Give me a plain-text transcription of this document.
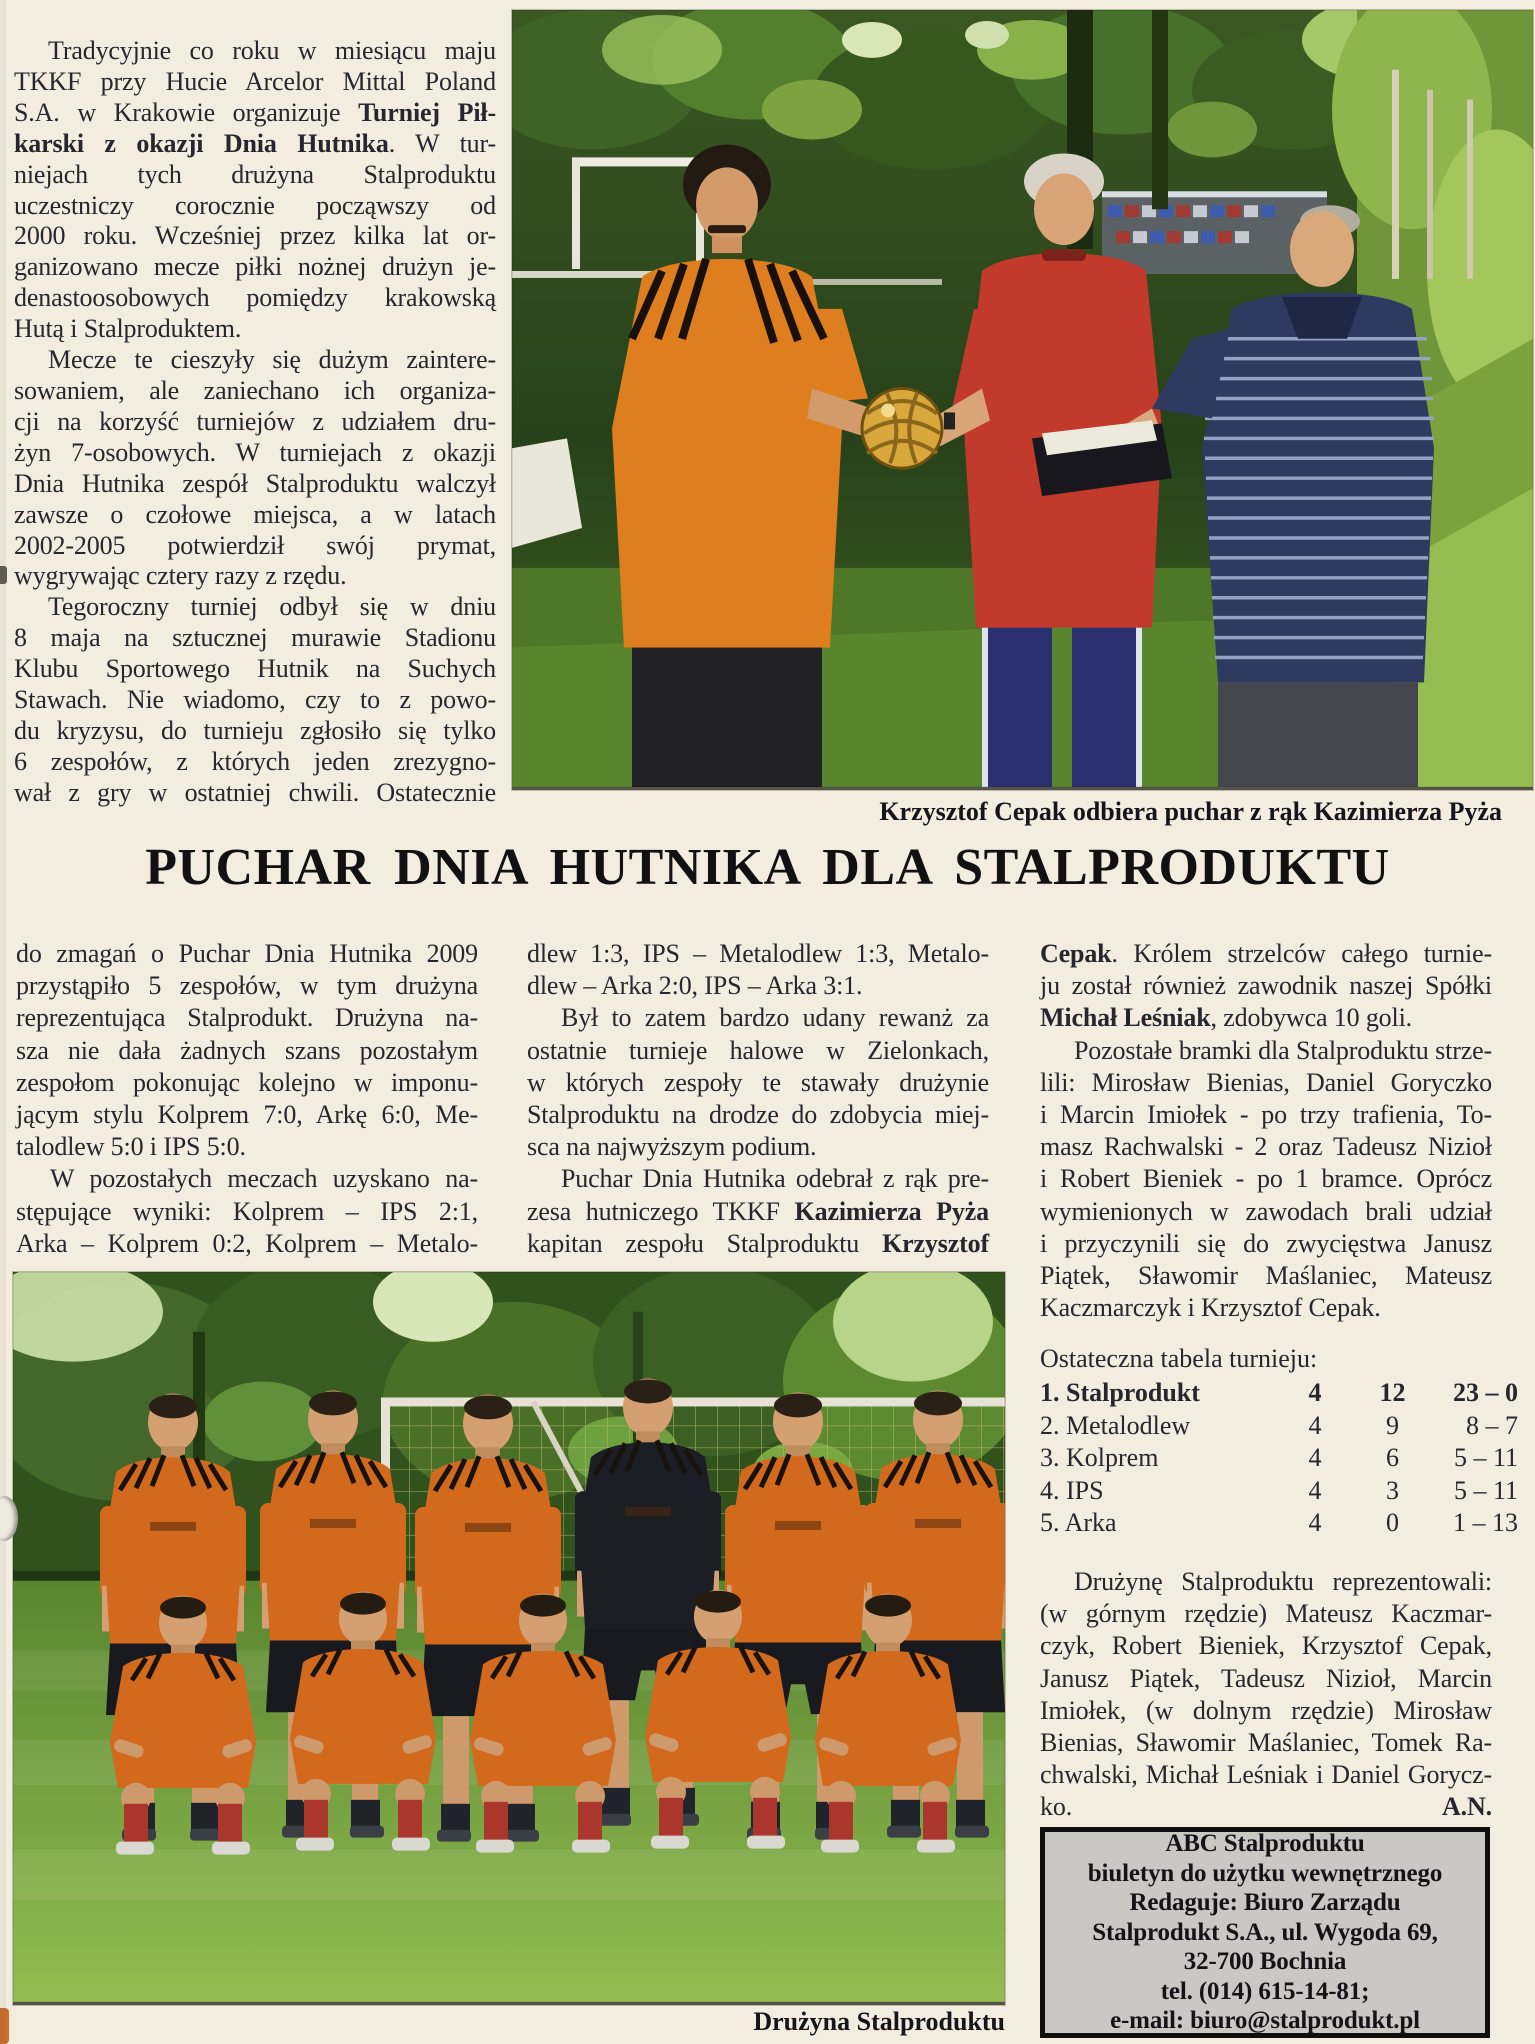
Tradycyjnie co roku w miesiącu maju
TKKF przy Hucie Arcelor Mittal Poland
S.A. w Krakowie organizuje Turniej Pił-
karski z okazji Dnia Hutnika. W tur-
niejach tych drużyna Stalproduktu
uczestniczy corocznie począwszy od
2000 roku. Wcześniej przez kilka lat or-
ganizowano mecze piłki nożnej drużyn je-
denastoosobowych pomiędzy krakowską
Hutą i Stalproduktem.
Mecze te cieszyły się dużym zaintere-
sowaniem, ale zaniechano ich organiza-
cji na korzyść turniejów z udziałem dru-
żyn 7-osobowych. W turniejach z okazji
Dnia Hutnika zespół Stalproduktu walczył
zawsze o czołowe miejsca, a w latach
2002-2005 potwierdził swój prymat,
wygrywając cztery razy z rzędu.
Tegoroczny turniej odbył się w dniu
8 maja na sztucznej murawie Stadionu
Klubu Sportowego Hutnik na Suchych
Stawach. Nie wiadomo, czy to z powo-
du kryzysu, do turnieju zgłosiło się tylko
6 zespołów, z których jeden zrezygno-
wał z gry w ostatniej chwili. Ostatecznie
Krzysztof Cepak odbiera puchar z rąk Kazimierza Pyża
PUCHAR DNIA HUTNIKA DLA STALPRODUKTU
do zmagań o Puchar Dnia Hutnika 2009
przystąpiło 5 zespołów, w tym drużyna
reprezentująca Stalprodukt. Drużyna na-
sza nie dała żadnych szans pozostałym
zespołom pokonując kolejno w imponu-
jącym stylu Kolprem 7:0, Arkę 6:0, Me-
talodlew 5:0 i IPS 5:0.
W pozostałych meczach uzyskano na-
stępujące wyniki: Kolprem – IPS 2:1,
Arka – Kolprem 0:2, Kolprem – Metalo-
dlew 1:3, IPS – Metalodlew 1:3, Metalo-
dlew – Arka 2:0, IPS – Arka 3:1.
Był to zatem bardzo udany rewanż za
ostatnie turnieje halowe w Zielonkach,
w których zespoły te stawały drużynie
Stalproduktu na drodze do zdobycia miej-
sca na najwyższym podium.
Puchar Dnia Hutnika odebrał z rąk pre-
zesa hutniczego TKKF Kazimierza Pyża
kapitan zespołu Stalproduktu Krzysztof
Cepak. Królem strzelców całego turnie-
ju został również zawodnik naszej Spółki
Michał Leśniak, zdobywca 10 goli.
Pozostałe bramki dla Stalproduktu strze-
lili: Mirosław Bienias, Daniel Goryczko
i Marcin Imiołek - po trzy trafienia, To-
masz Rachwalski - 2 oraz Tadeusz Nizioł
i Robert Bieniek - po 1 bramce. Oprócz
wymienionych w zawodach brali udział
i przyczynili się do zwycięstwa Janusz
Piątek, Sławomir Maślaniec, Mateusz
Kaczmarczyk i Krzysztof Cepak.
Ostateczna tabela turnieju:
1. Stalprodukt	4	12	23 – 0
2. Metalodlew	4	9	8 – 7
3. Kolprem	4	6	5 – 11
4. IPS	4	3	5 – 11
5. Arka	4	0	1 – 13
Drużynę Stalproduktu reprezentowali:
(w górnym rzędzie) Mateusz Kaczmar-
czyk, Robert Bieniek, Krzysztof Cepak,
Janusz Piątek, Tadeusz Nizioł, Marcin
Imiołek, (w dolnym rzędzie) Mirosław
Bienias, Sławomir Maślaniec, Tomek Ra-
chwalski, Michał Leśniak i Daniel Gorycz-
ko.	A.N.
Drużyna Stalproduktu
ABC Stalproduktu
biuletyn do użytku wewnętrznego
Redaguje: Biuro Zarządu
Stalprodukt S.A., ul. Wygoda 69,
32-700 Bochnia
tel. (014) 615-14-81;
e-mail: biuro@stalprodukt.pl
